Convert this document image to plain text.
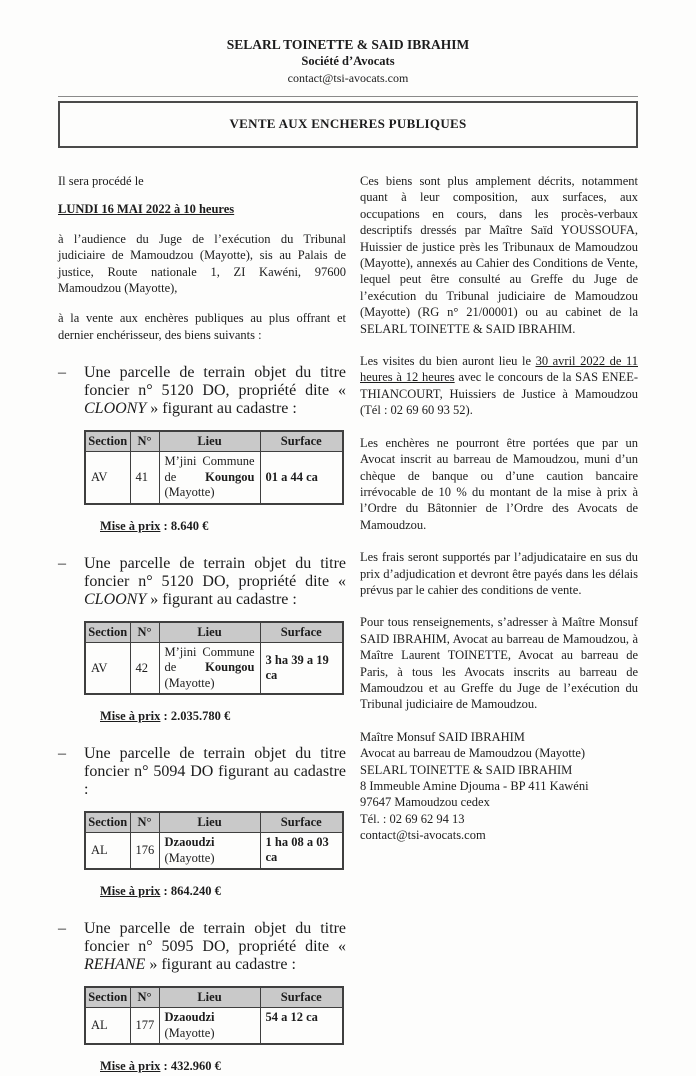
SELARL TOINETTE & SAID IBRAHIM
Société d’Avocats
contact@tsi-avocats.com
VENTE AUX ENCHERES PUBLIQUES

Il sera procédé le

LUNDI 16 MAI 2022 à 10 heures

à l’audience du Juge de l’exécution du Tribunal judiciaire de Mamoudzou (Mayotte), sis au Palais de justice, Route nationale 1, ZI Kawéni, 97600 Mamoudzou (Mayotte),

à la vente aux enchères publiques au plus offrant et dernier enchérisseur, des biens suivants :

–	Une parcelle de terrain objet du titre foncier n° 5120 DO, propriété dite « CLOONY » figurant au cadastre :
Section	N°	Lieu	Surface
AV	41	M’jini Commune de Koungou (Mayotte)	01 a 44 ca
Mise à prix : 8.640 €
–	Une parcelle de terrain objet du titre foncier n° 5120 DO, propriété dite « CLOONY » figurant au cadastre :
Section	N°	Lieu	Surface
AV	42	M’jini Commune de Koungou (Mayotte)	3 ha 39 a 19 ca
Mise à prix : 2.035.780 €
–	Une parcelle de terrain objet du titre foncier n° 5094 DO figurant au cadastre :
Section	N°	Lieu	Surface
AL	176	Dzaoudzi (Mayotte)	1 ha 08 a 03 ca
Mise à prix : 864.240 €
–	Une parcelle de terrain objet du titre foncier n° 5095 DO, propriété dite « REHANE » figurant au cadastre :
Section	N°	Lieu	Surface
AL	177	Dzaoudzi (Mayotte)	54 a 12 ca
Mise à prix : 432.960 €

Ces biens sont plus amplement décrits, notamment quant à leur composition, aux surfaces, aux occupations en cours, dans les procès-verbaux descriptifs dressés par Maître Saïd YOUSSOUFA, Huissier de justice près les Tribunaux de Mamoudzou (Mayotte), annexés au Cahier des Conditions de Vente, lequel peut être consulté au Greffe du Juge de l’exécution du Tribunal judiciaire de Mamoudzou (Mayotte) (RG n° 21/00001) ou au cabinet de la SELARL TOINETTE & SAID IBRAHIM.

Les visites du bien auront lieu le 30 avril 2022 de 11 heures à 12 heures avec le concours de la SAS ENEE-THIANCOURT, Huissiers de Justice à Mamoudzou (Tél : 02 69 60 93 52).

Les enchères ne pourront être portées que par un Avocat inscrit au barreau de Mamoudzou, muni d’un chèque de banque ou d’une caution bancaire irrévocable de 10 % du montant de la mise à prix à l’Ordre du Bâtonnier de l’Ordre des Avocats de Mamoudzou.

Les frais seront supportés par l’adjudicataire en sus du prix d’adjudication et devront être payés dans les délais prévus par le cahier des conditions de vente.

Pour tous renseignements, s’adresser à Maître Monsuf SAID IBRAHIM, Avocat au barreau de Mamoudzou, à Maître Laurent TOINETTE, Avocat au barreau de Paris, à tous les Avocats inscrits au barreau de Mamoudzou et au Greffe du Juge de l’exécution du Tribunal judiciaire de Mamoudzou.

Maître Monsuf SAID IBRAHIM
Avocat au barreau de Mamoudzou (Mayotte)
SELARL TOINETTE & SAID IBRAHIM
8 Immeuble Amine Djouma - BP 411 Kawéni
97647 Mamoudzou cedex
Tél. : 02 69 62 94 13
contact@tsi-avocats.com
